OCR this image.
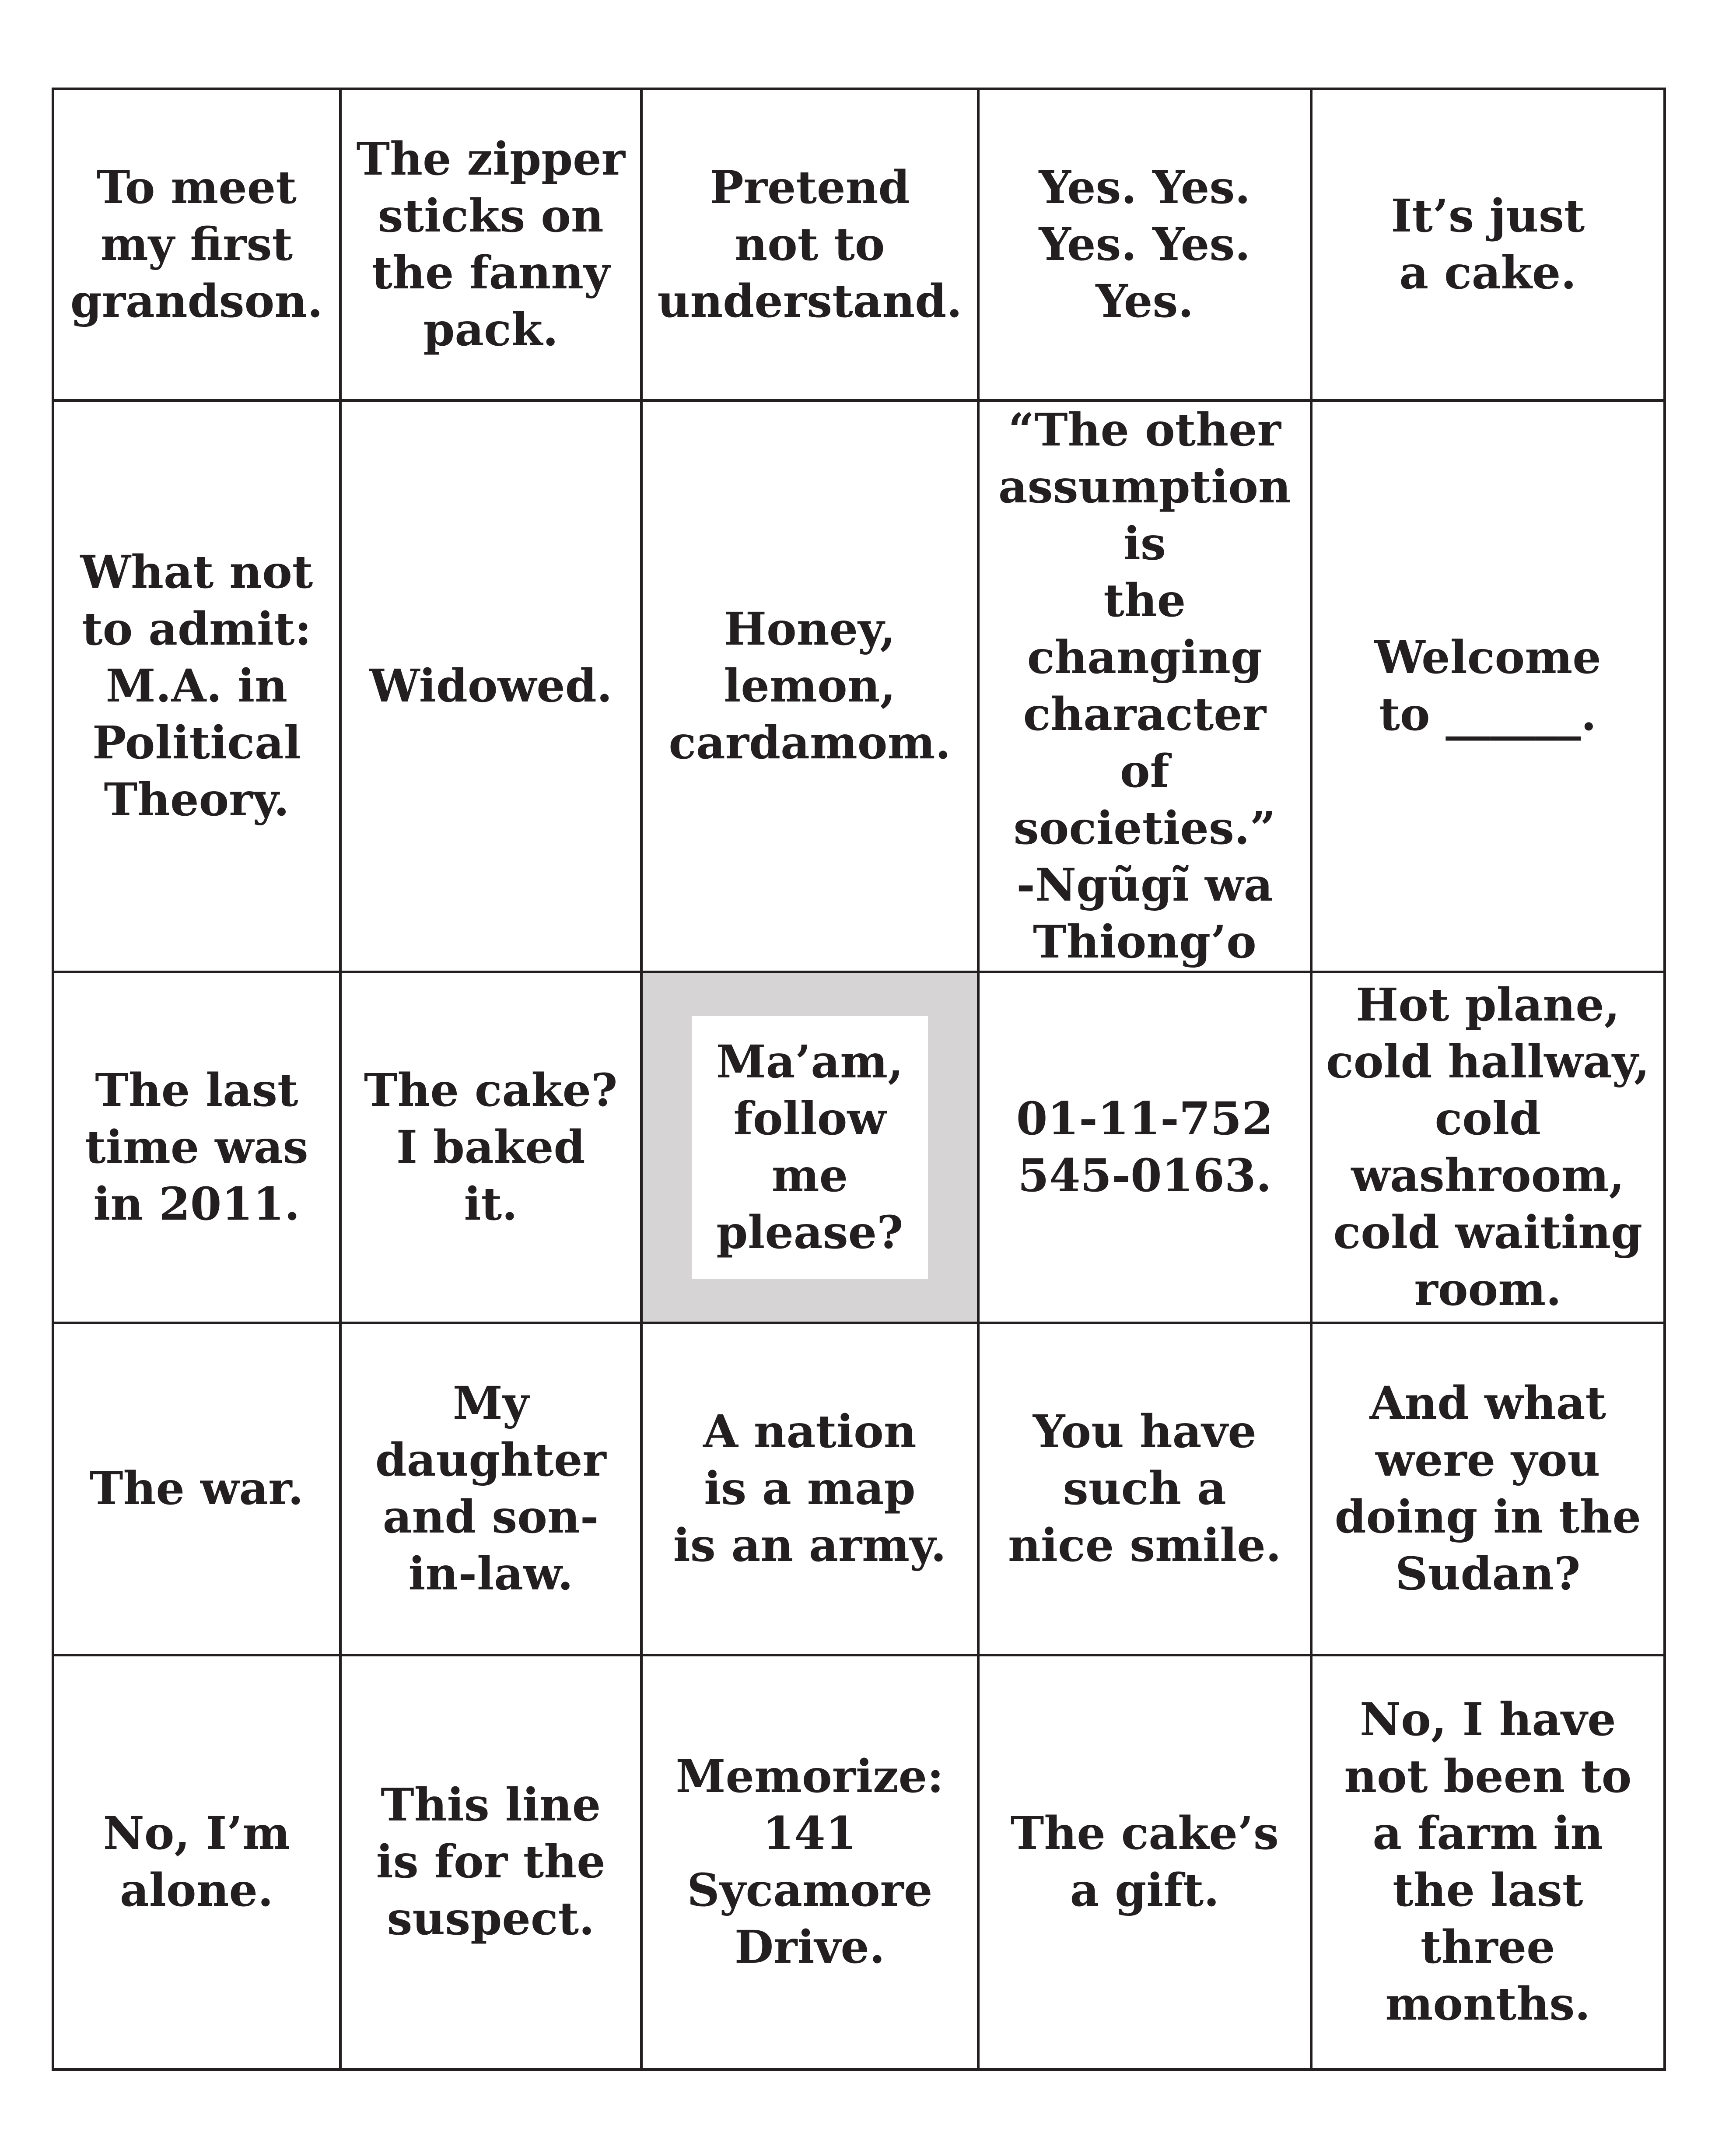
To meet
my first
grandson.
The zipper
sticks on
the fanny
pack.
Pretend
not to
understand.
Yes. Yes.
Yes. Yes.
Yes.
It’s just
a cake.
What not
to admit:
M.A. in
Political
Theory.
Widowed.
Honey,
lemon,
cardamom.
“The other
assumption is
the changing
character
of societies.”
-Ngũgĩ wa
Thiong’o
Welcome
to ______.
The last
time was
in 2011.
The cake?
I baked
it.
Ma’am,
follow me
please?
01-11-752
545-0163.
Hot plane,
cold hallway,
cold washroom,
cold waiting
room.
The war.
My
daughter
and son-
in-law.
A nation
is a map
is an army.
You have
such a
nice smile.
And what
were you
doing in the
Sudan?
No, I’m
alone.
This line
is for the
suspect.
Memorize:
141
Sycamore
Drive.
The cake’s
a gift.
No, I have
not been to
a farm in
the last
three
months.
